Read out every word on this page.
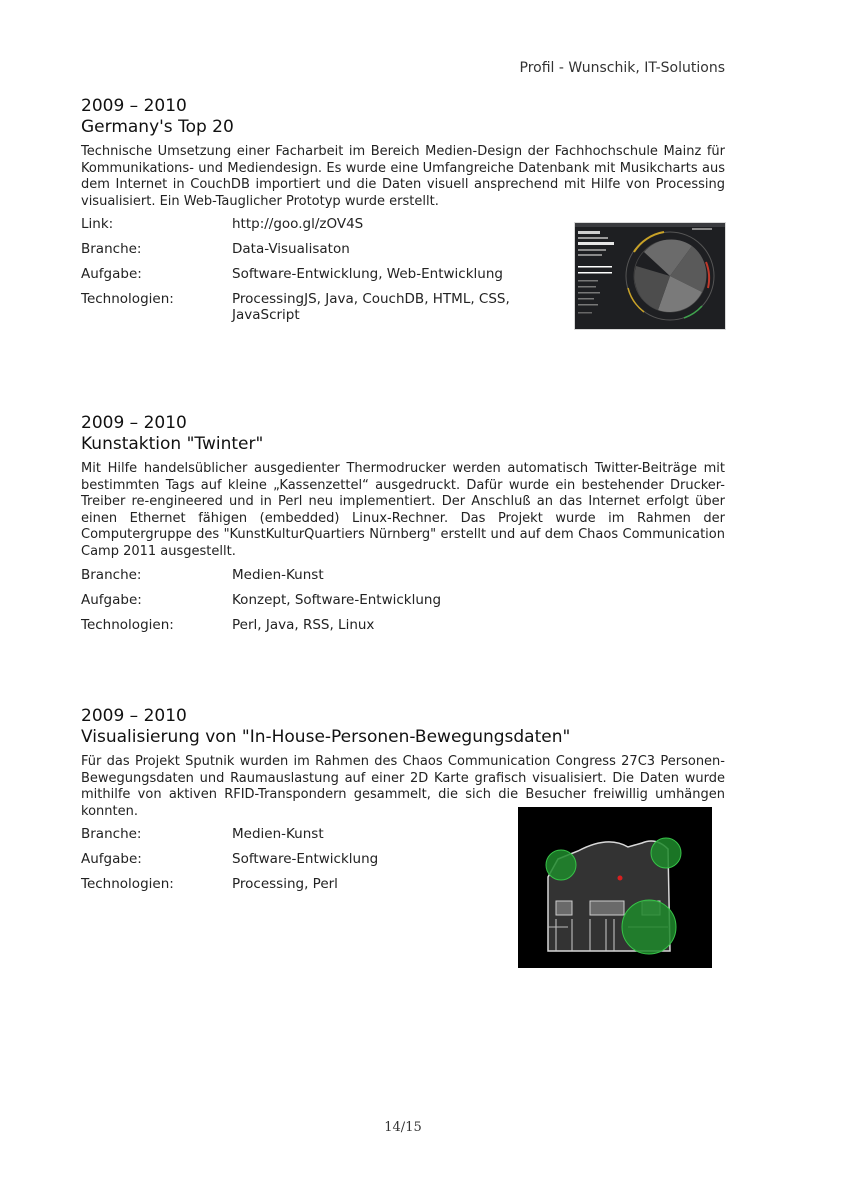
Profil - Wunschik, IT-Solutions
2009 – 2010
Germany's Top 20

Technische Umsetzung einer Facharbeit im Bereich Medien-Design der Fachhochschule Mainz für Kommunikations- und Mediendesign. Es wurde eine Umfangreiche Datenbank mit Musikcharts aus dem Internet in CouchDB importiert und die Daten visuell ansprechend mit Hilfe von Processing visualisiert. Ein Web-Tauglicher Prototyp wurde erstellt.

Link:	http://goo.gl/zOV4S
Branche:	Data-Visualisaton
Aufgabe:	Software-Entwicklung, Web-Entwicklung
Technologien:	ProcessingJS, Java, CouchDB, HTML, CSS, JavaScript
2009 – 2010
Kunstaktion "Twinter"

Mit Hilfe handelsüblicher ausgedienter Thermodrucker werden automatisch Twitter-Beiträge mit bestimmten Tags auf kleine „Kassenzettel“ ausgedruckt. Dafür wurde ein bestehender Drucker-Treiber re-engineered und in Perl neu implementiert. Der Anschluß an das Internet erfolgt über einen Ethernet fähigen (embedded) Linux-Rechner. Das Projekt wurde im Rahmen der Computergruppe des "KunstKulturQuartiers Nürnberg" erstellt und auf dem Chaos Communication Camp 2011 ausgestellt.

Branche:	Medien-Kunst
Aufgabe:	Konzept, Software-Entwicklung
Technologien:	Perl, Java, RSS, Linux
2009 – 2010
Visualisierung von "In-House-Personen-Bewegungsdaten"

Für das Projekt Sputnik wurden im Rahmen des Chaos Communication Congress 27C3 Personen-Bewegungsdaten und Raumauslastung auf einer 2D Karte grafisch visualisiert. Die Daten wurde mithilfe von aktiven RFID-Transpondern gesammelt, die sich die Besucher freiwillig umhängen konnten.

Branche:	Medien-Kunst
Aufgabe:	Software-Entwicklung
Technologien:	Processing, Perl
14/15
